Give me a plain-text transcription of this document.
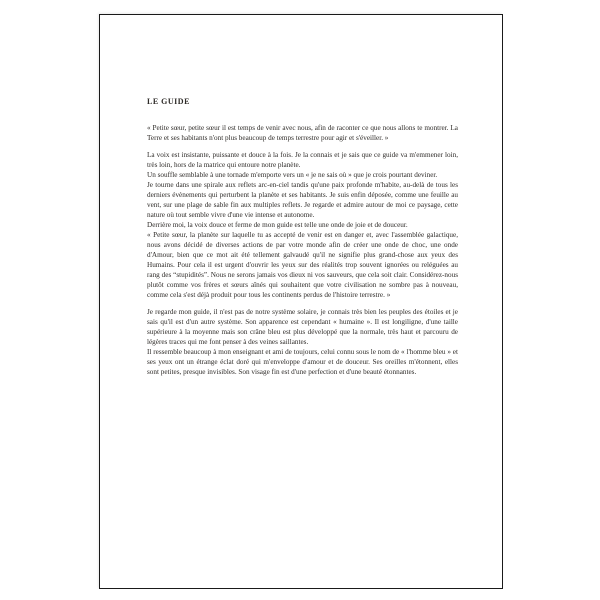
LE GUIDE

« Petite sœur, petite sœur il est temps de venir avec nous, afin de raconter ce que nous allons te montrer. La Terre et ses habitants n'ont plus beaucoup de temps terrestre pour agir et s'éveiller. »

La voix est insistante, puissante et douce à la fois. Je la connais et je sais que ce guide va m'emmener loin, très loin, hors de la matrice qui entoure notre planète.

Un souffle semblable à une tornade m'emporte vers un « je ne sais où » que je crois pourtant deviner.

Je tourne dans une spirale aux reflets arc-en-ciel tandis qu'une paix profonde m'habite, au-delà de tous les derniers évènements qui perturbent la planète et ses habitants. Je suis enfin déposée, comme une feuille au vent, sur une plage de sable fin aux multiples reflets. Je regarde et admire autour de moi ce paysage, cette nature où tout semble vivre d'une vie intense et autonome.

Derrière moi, la voix douce et ferme de mon guide est telle une onde de joie et de douceur.

« Petite sœur, la planète sur laquelle tu as accepté de venir est en danger et, avec l'assemblée galactique, nous avons décidé de diverses actions de par votre monde afin de créer une onde de choc, une onde d'Amour, bien que ce mot ait été tellement galvaudé qu'il ne signifie plus grand-chose aux yeux des Humains. Pour cela il est urgent d'ouvrir les yeux sur des réalités trop souvent ignorées ou reléguées au rang des “stupidités”. Nous ne serons jamais vos dieux ni vos sauveurs, que cela soit clair. Considérez-nous plutôt comme vos frères et sœurs aînés qui souhaitent que votre civilisation ne sombre pas à nouveau, comme cela s'est déjà produit pour tous les continents perdus de l'histoire terrestre. »

Je regarde mon guide, il n'est pas de notre système solaire, je connais très bien les peuples des étoiles et je sais qu'il est d'un autre système. Son apparence est cependant « humaine ». Il est longiligne, d'une taille supérieure à la moyenne mais son crâne bleu est plus développé que la normale, très haut et parcouru de légères traces qui me font penser à des veines saillantes.

Il ressemble beaucoup à mon enseignant et ami de toujours, celui connu sous le nom de « l'homme bleu » et ses yeux ont un étrange éclat doré qui m'enveloppe d'amour et de douceur. Ses oreilles m'étonnent, elles sont petites, presque invisibles. Son visage fin est d'une perfection et d'une beauté étonnantes.
